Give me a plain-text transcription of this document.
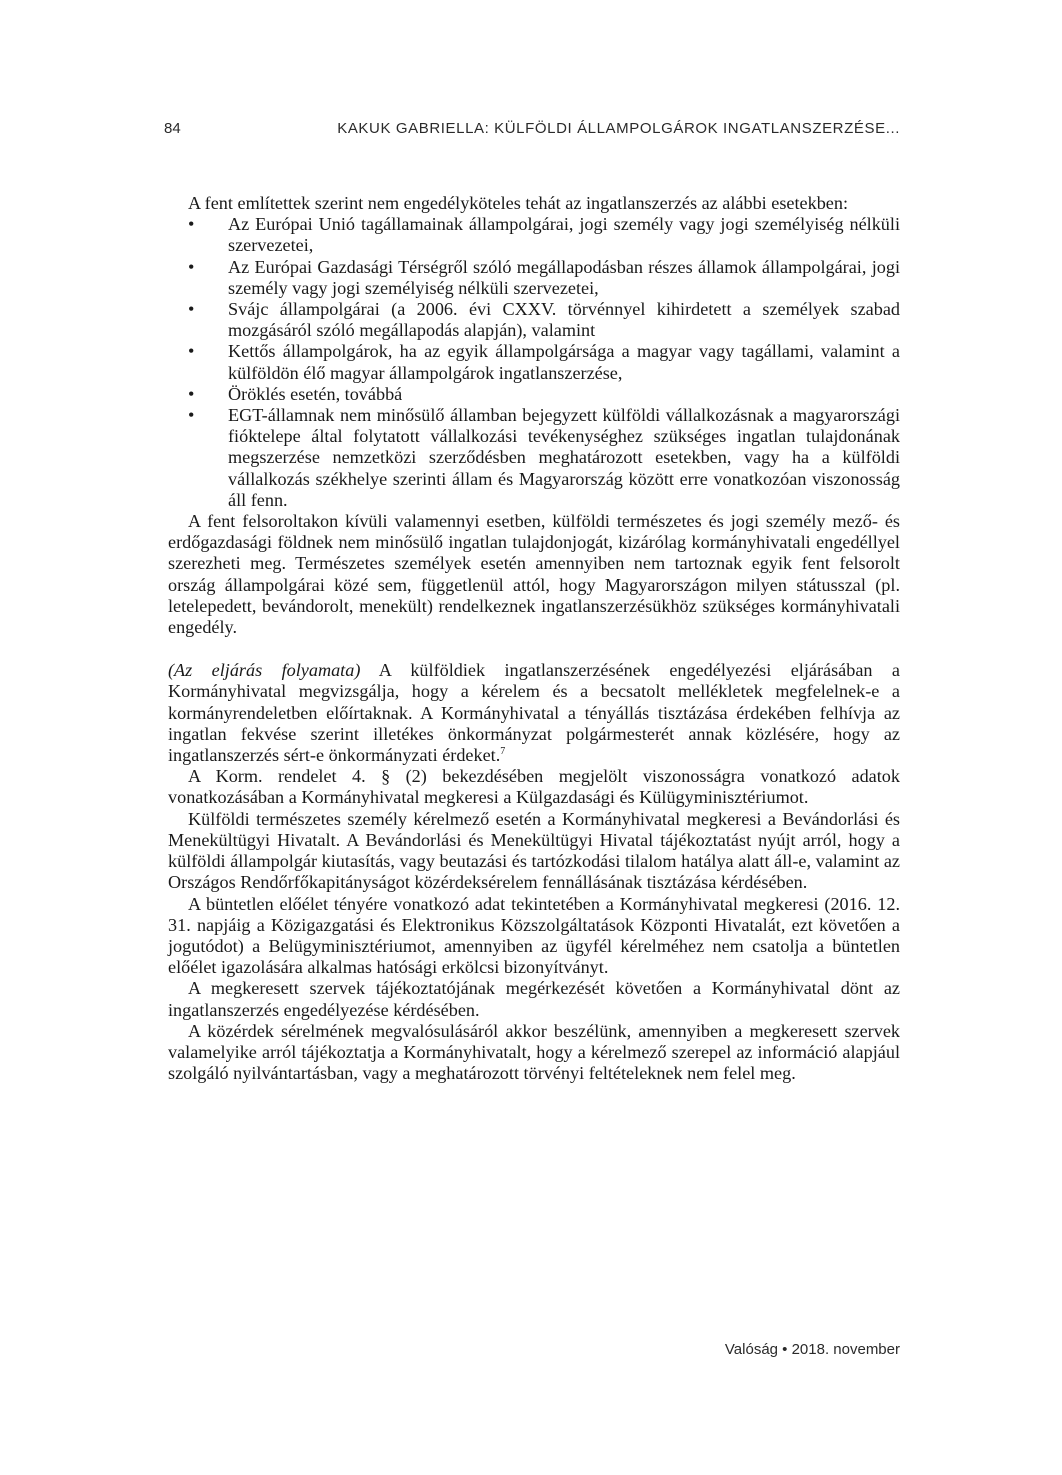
84	KAKUK GABRIELLA: KÜLFÖLDI ÁLLAMPOLGÁROK INGATLANSZERZÉSE...

A fent említettek szerint nem engedélyköteles tehát az ingatlanszerzés az alábbi esetekben:

• Az Európai Unió tagállamainak állampolgárai, jogi személy vagy jogi személyiség nélküli szervezetei,
• Az Európai Gazdasági Térségről szóló megállapodásban részes államok állampolgárai, jogi személy vagy jogi személyiség nélküli szervezetei,
• Svájc állampolgárai (a 2006. évi CXXV. törvénnyel kihirdetett a személyek szabad mozgásáról szóló megállapodás alapján), valamint
• Kettős állampolgárok, ha az egyik állampolgársága a magyar vagy tagállami, valamint a külföldön élő magyar állampolgárok ingatlanszerzése,
• Öröklés esetén, továbbá
• EGT-államnak nem minősülő államban bejegyzett külföldi vállalkozásnak a magyarországi fióktelepe által folytatott vállalkozási tevékenységhez szükséges ingatlan tulajdonának megszerzése nemzetközi szerződésben meghatározott esetekben, vagy ha a külföldi vállalkozás székhelye szerinti állam és Magyarország között erre vonatkozóan viszonosság áll fenn.

A fent felsoroltakon kívüli valamennyi esetben, külföldi természetes és jogi személy mező- és erdőgazdasági földnek nem minősülő ingatlan tulajdonjogát, kizárólag kormányhivatali engedéllyel szerezheti meg. Természetes személyek esetén amennyiben nem tartoznak egyik fent felsorolt ország állampolgárai közé sem, függetlenül attól, hogy Magyarországon milyen státusszal (pl. letelepedett, bevándorolt, menekült) rendelkeznek ingatlanszerzésükhöz szükséges kormányhivatali engedély.

(Az eljárás folyamata) A külföldiek ingatlanszerzésének engedélyezési eljárásában a Kormányhivatal megvizsgálja, hogy a kérelem és a becsatolt mellékletek megfelelnek-e a kormányrendeletben előírtaknak. A Kormányhivatal a tényállás tisztázása érdekében felhívja az ingatlan fekvése szerint illetékes önkormányzat polgármesterét annak közlésére, hogy az ingatlanszerzés sért-e önkormányzati érdeket.$^7$

A Korm. rendelet 4. § (2) bekezdésében megjelölt viszonosságra vonatkozó adatok vonatkozásában a Kormányhivatal megkeresi a Külgazdasági és Külügyminisztériumot.

Külföldi természetes személy kérelmező esetén a Kormányhivatal megkeresi a Bevándorlási és Menekültügyi Hivatalt. A Bevándorlási és Menekültügyi Hivatal tájékoztatást nyújt arról, hogy a külföldi állampolgár kiutasítás, vagy beutazási és tartózkodási tilalom hatálya alatt áll-e, valamint az Országos Rendőrfőkapitányságot közérdeksérelem fennállásának tisztázása kérdésében.

A büntetlen előélet tényére vonatkozó adat tekintetében a Kormányhivatal megkeresi (2016. 12. 31. napjáig a Közigazgatási és Elektronikus Közszolgáltatások Központi Hivatalát, ezt követően a jogutódot) a Belügyminisztériumot, amennyiben az ügyfél kérelméhez nem csatolja a büntetlen előélet igazolására alkalmas hatósági erkölcsi bizonyítványt.

A megkeresett szervek tájékoztatójának megérkezését követően a Kormányhivatal dönt az ingatlanszerzés engedélyezése kérdésében.

A közérdek sérelmének megvalósulásáról akkor beszélünk, amennyiben a megkeresett szervek valamelyike arról tájékoztatja a Kormányhivatalt, hogy a kérelmező szerepel az információ alapjául szolgáló nyilvántartásban, vagy a meghatározott törvényi feltételeknek nem felel meg.

Valóság • 2018. november
